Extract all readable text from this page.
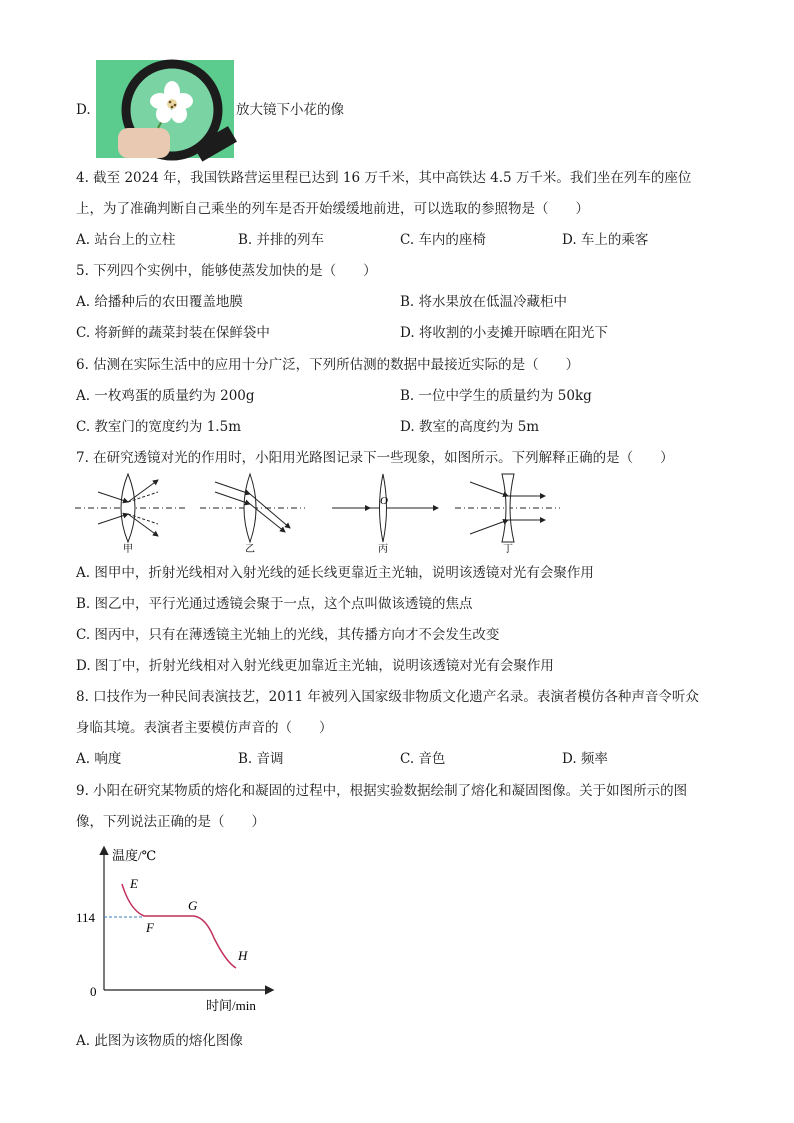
D.	放大镜下小花的像
4. 截至 2024 年，我国铁路营运里程已达到 16 万千米，其中高铁达 4.5 万千米。我们坐在列车的座位
上，为了准确判断自己乘坐的列车是否开始缓缓地前进，可以选取的参照物是（　　）
A. 站台上的立柱	B. 并排的列车	C. 车内的座椅	D. 车上的乘客
5. 下列四个实例中，能够使蒸发加快的是（　　）
A. 给播种后的农田覆盖地膜	B. 将水果放在低温冷藏柜中
C. 将新鲜的蔬菜封装在保鲜袋中	D. 将收割的小麦摊开晾晒在阳光下
6. 估测在实际生活中的应用十分广泛，下列所估测的数据中最接近实际的是（　　）
A. 一枚鸡蛋的质量约为 200g	B. 一位中学生的质量约为 50kg
C. 教室门的宽度约为 1.5m	D. 教室的高度约为 5m
7. 在研究透镜对光的作用时，小阳用光路图记录下一些现象，如图所示。下列解释正确的是（　　）
甲	乙
O
丙	丁
A. 图甲中，折射光线相对入射光线的延长线更靠近主光轴，说明该透镜对光有会聚作用
B. 图乙中，平行光通过透镜会聚于一点，这个点叫做该透镜的焦点
C. 图丙中，只有在薄透镜主光轴上的光线，其传播方向才不会发生改变
D. 图丁中，折射光线相对入射光线更加靠近主光轴，说明该透镜对光有会聚作用
8. 口技作为一种民间表演技艺，2011 年被列入国家级非物质文化遗产名录。表演者模仿各种声音令听众
身临其境。表演者主要模仿声音的（　　）
A. 响度	B. 音调	C. 音色	D. 频率
9. 小阳在研究某物质的熔化和凝固的过程中，根据实验数据绘制了熔化和凝固图像。关于如图所示的图
像，下列说法正确的是（　　）
温度/℃
时间/min
0
114
E
F
G
H
A. 此图为该物质的熔化图像
